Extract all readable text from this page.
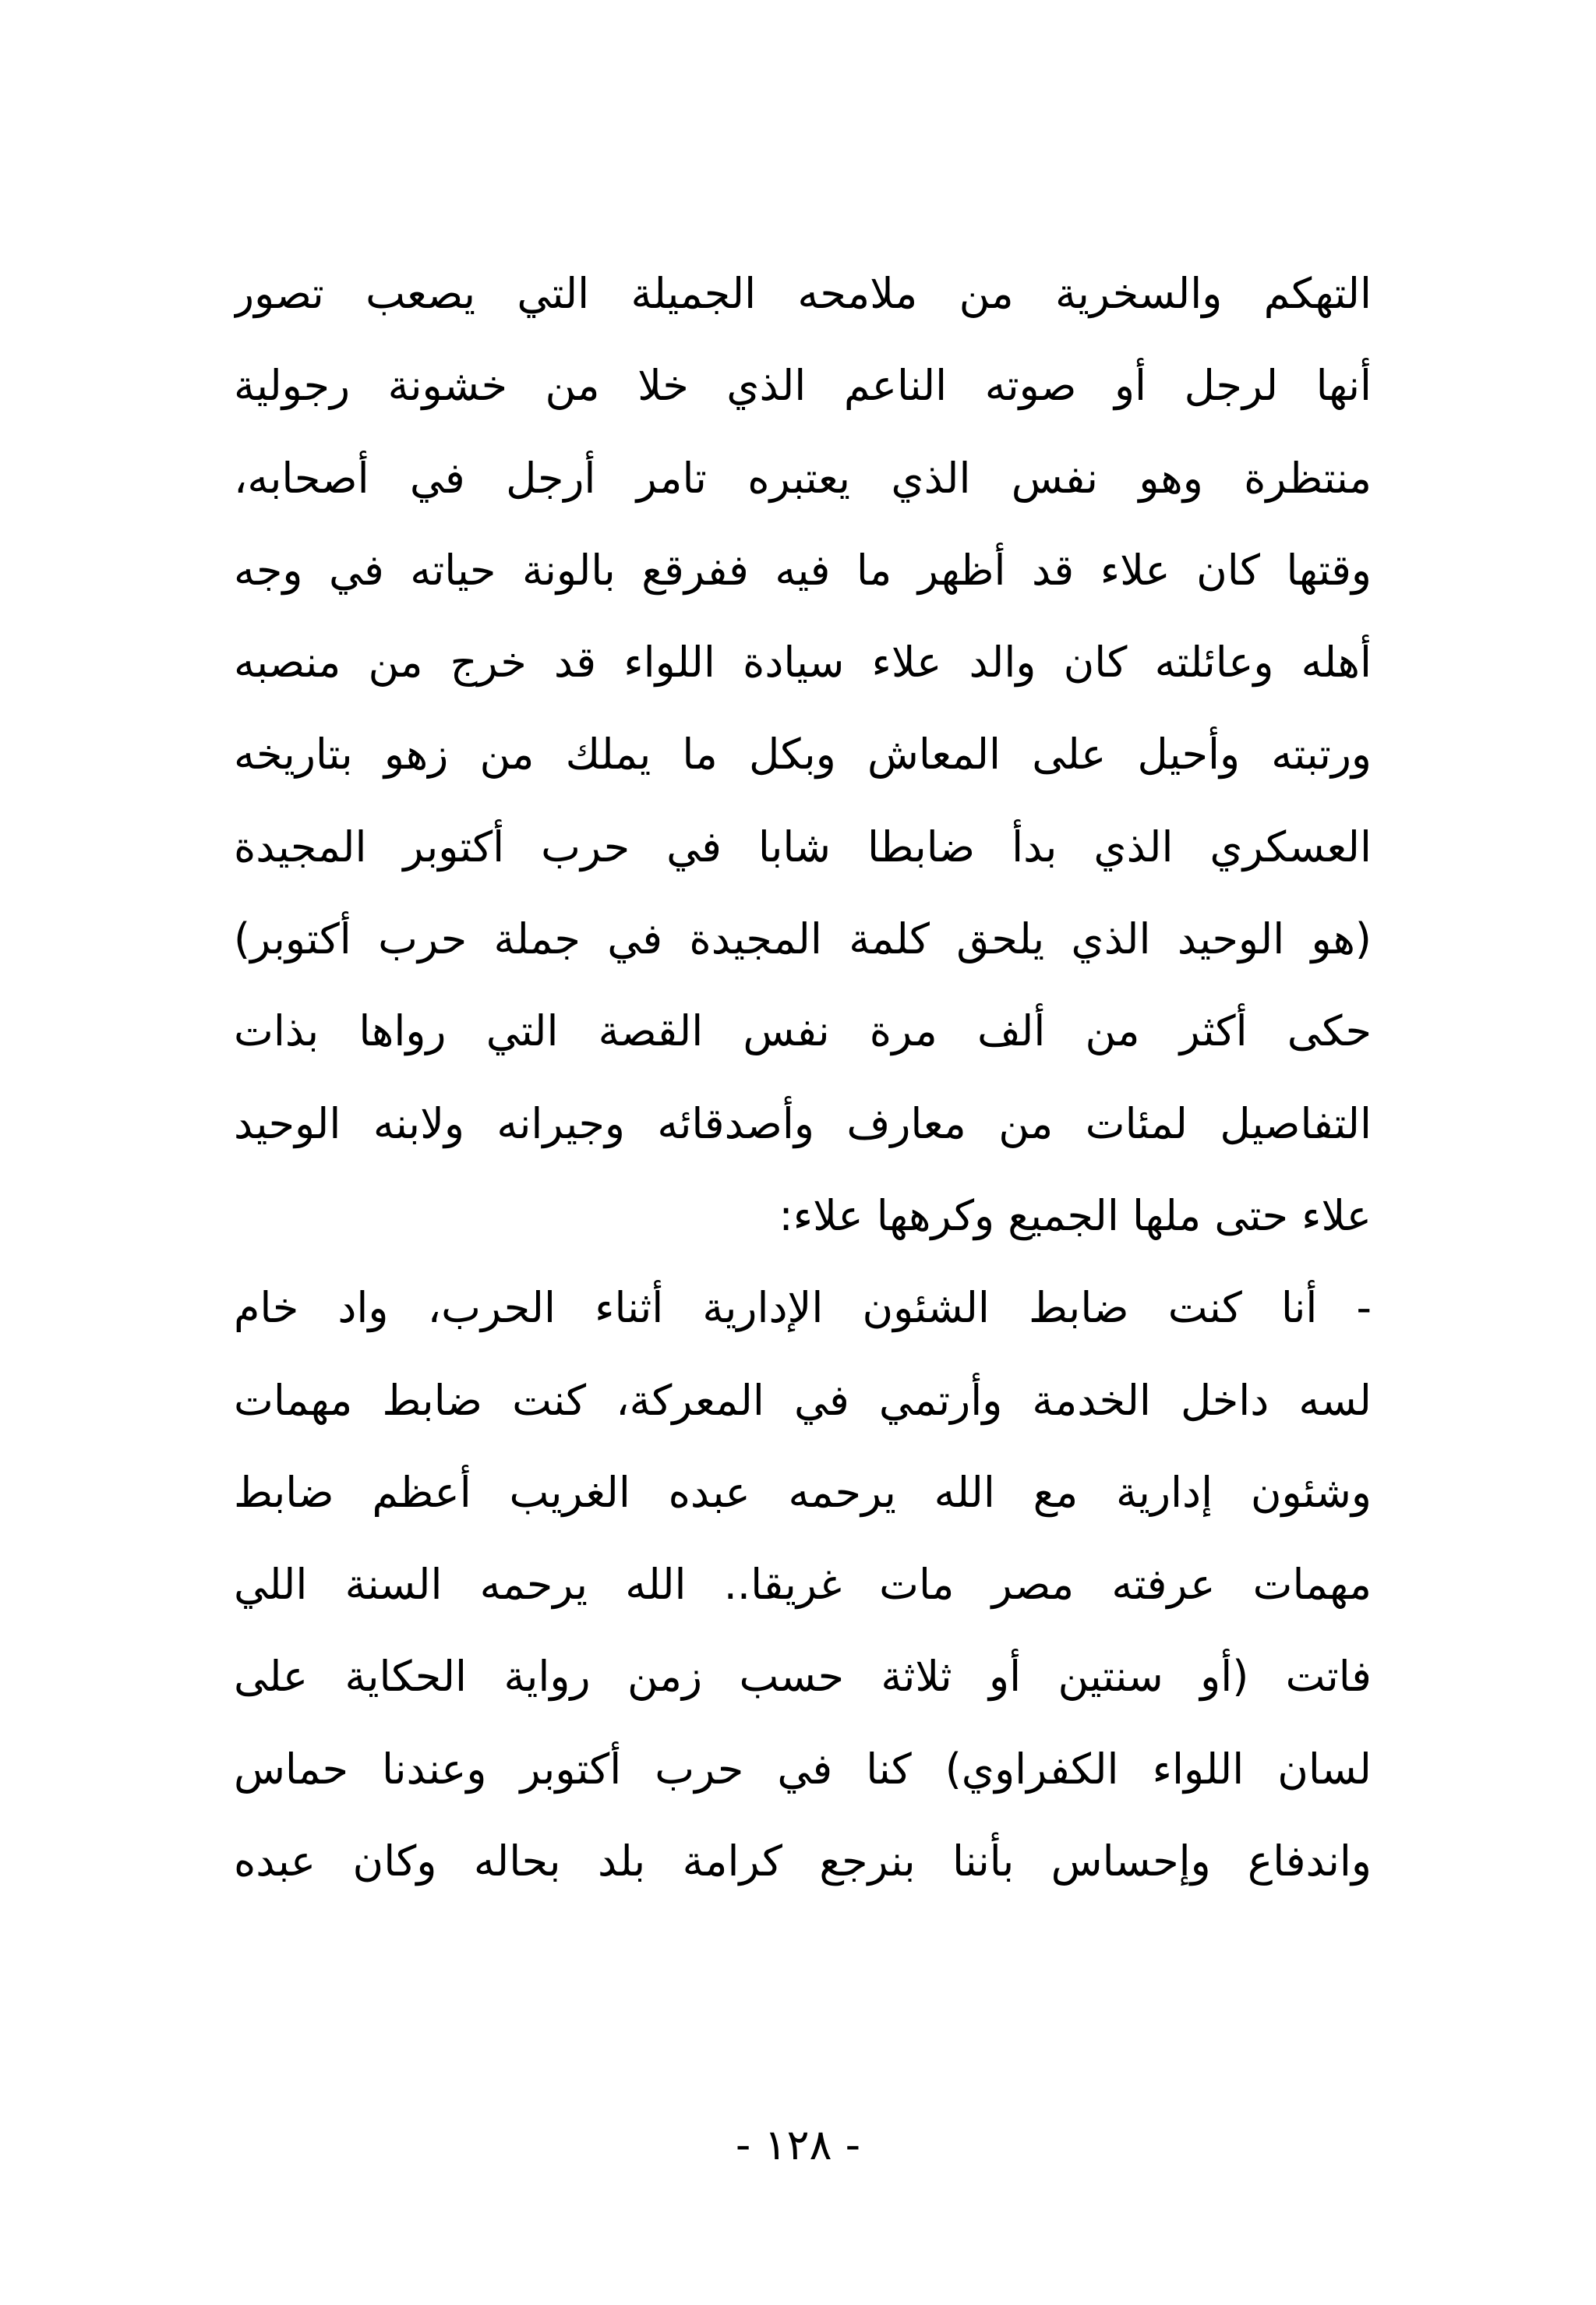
التهكم والسخرية من ملامحه الجميلة التي يصعب تصور
أنها لرجل أو صوته الناعم الذي خلا من خشونة رجولية
منتظرة وهو نفس الذي يعتبره تامر أرجل في أصحابه،
وقتها كان علاء قد أظهر ما فيه ففرقع بالونة حياته في وجه
أهله وعائلته كان والد علاء سيادة اللواء قد خرج من منصبه
ورتبته وأحيل على المعاش وبكل ما يملك من زهو بتاريخه
العسكري الذي بدأ ضابطا شابا في حرب أكتوبر المجيدة
(هو الوحيد الذي يلحق كلمة المجيدة في جملة حرب أكتوبر)
حكى أكثر من ألف مرة نفس القصة التي رواها بذات
التفاصيل لمئات من معارف وأصدقائه وجيرانه ولابنه الوحيد
علاء حتى ملها الجميع وكرهها علاء:
- أنا كنت ضابط الشئون الإدارية أثناء الحرب، واد خام
لسه داخل الخدمة وأرتمي في المعركة، كنت ضابط مهمات
وشئون إدارية مع الله يرحمه عبده الغريب أعظم ضابط
مهمات عرفته مصر مات غريقا.. الله يرحمه السنة اللي
فاتت (أو سنتين أو ثلاثة حسب زمن رواية الحكاية على
لسان اللواء الكفراوي) كنا في حرب أكتوبر وعندنا حماس
واندفاع وإحساس بأننا بنرجع كرامة بلد بحاله وكان عبده
- ١٢٨ -
